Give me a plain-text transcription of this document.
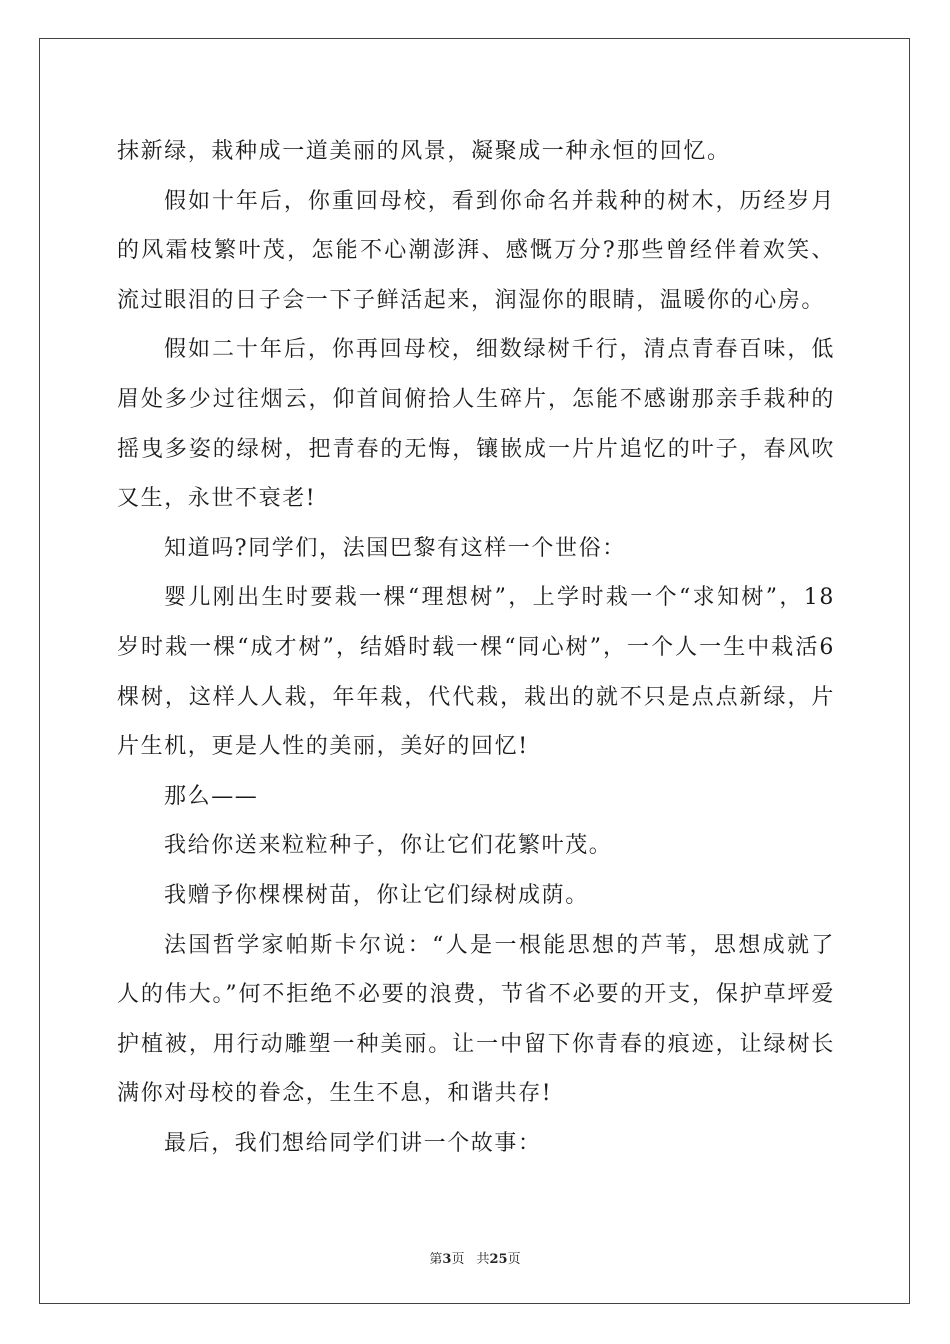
抹新绿，栽种成一道美丽的风景，凝聚成一种永恒的回忆。

假如十年后，你重回母校，看到你命名并栽种的树木，历经岁月的风霜枝繁叶茂，怎能不心潮澎湃、感慨万分?那些曾经伴着欢笑、流过眼泪的日子会一下子鲜活起来，润湿你的眼睛，温暖你的心房。

假如二十年后，你再回母校，细数绿树千行，清点青春百味，低眉处多少过往烟云，仰首间俯拾人生碎片，怎能不感谢那亲手栽种的摇曳多姿的绿树，把青春的无悔，镶嵌成一片片追忆的叶子，春风吹又生，永世不衰老!

知道吗?同学们，法国巴黎有这样一个世俗：

婴儿刚出生时要栽一棵“理想树”，上学时栽一个“求知树”，18岁时栽一棵“成才树”，结婚时载一棵“同心树”，一个人一生中栽活6棵树，这样人人栽，年年栽，代代栽，栽出的就不只是点点新绿，片片生机，更是人性的美丽，美好的回忆!

那么——

我给你送来粒粒种子，你让它们花繁叶茂。

我赠予你棵棵树苗，你让它们绿树成荫。

法国哲学家帕斯卡尔说：“人是一根能思想的芦苇，思想成就了人的伟大。”何不拒绝不必要的浪费，节省不必要的开支，保护草坪爱护植被，用行动雕塑一种美丽。让一中留下你青春的痕迹，让绿树长满你对母校的眷念，生生不息，和谐共存!

最后，我们想给同学们讲一个故事：

第3页 共25页
